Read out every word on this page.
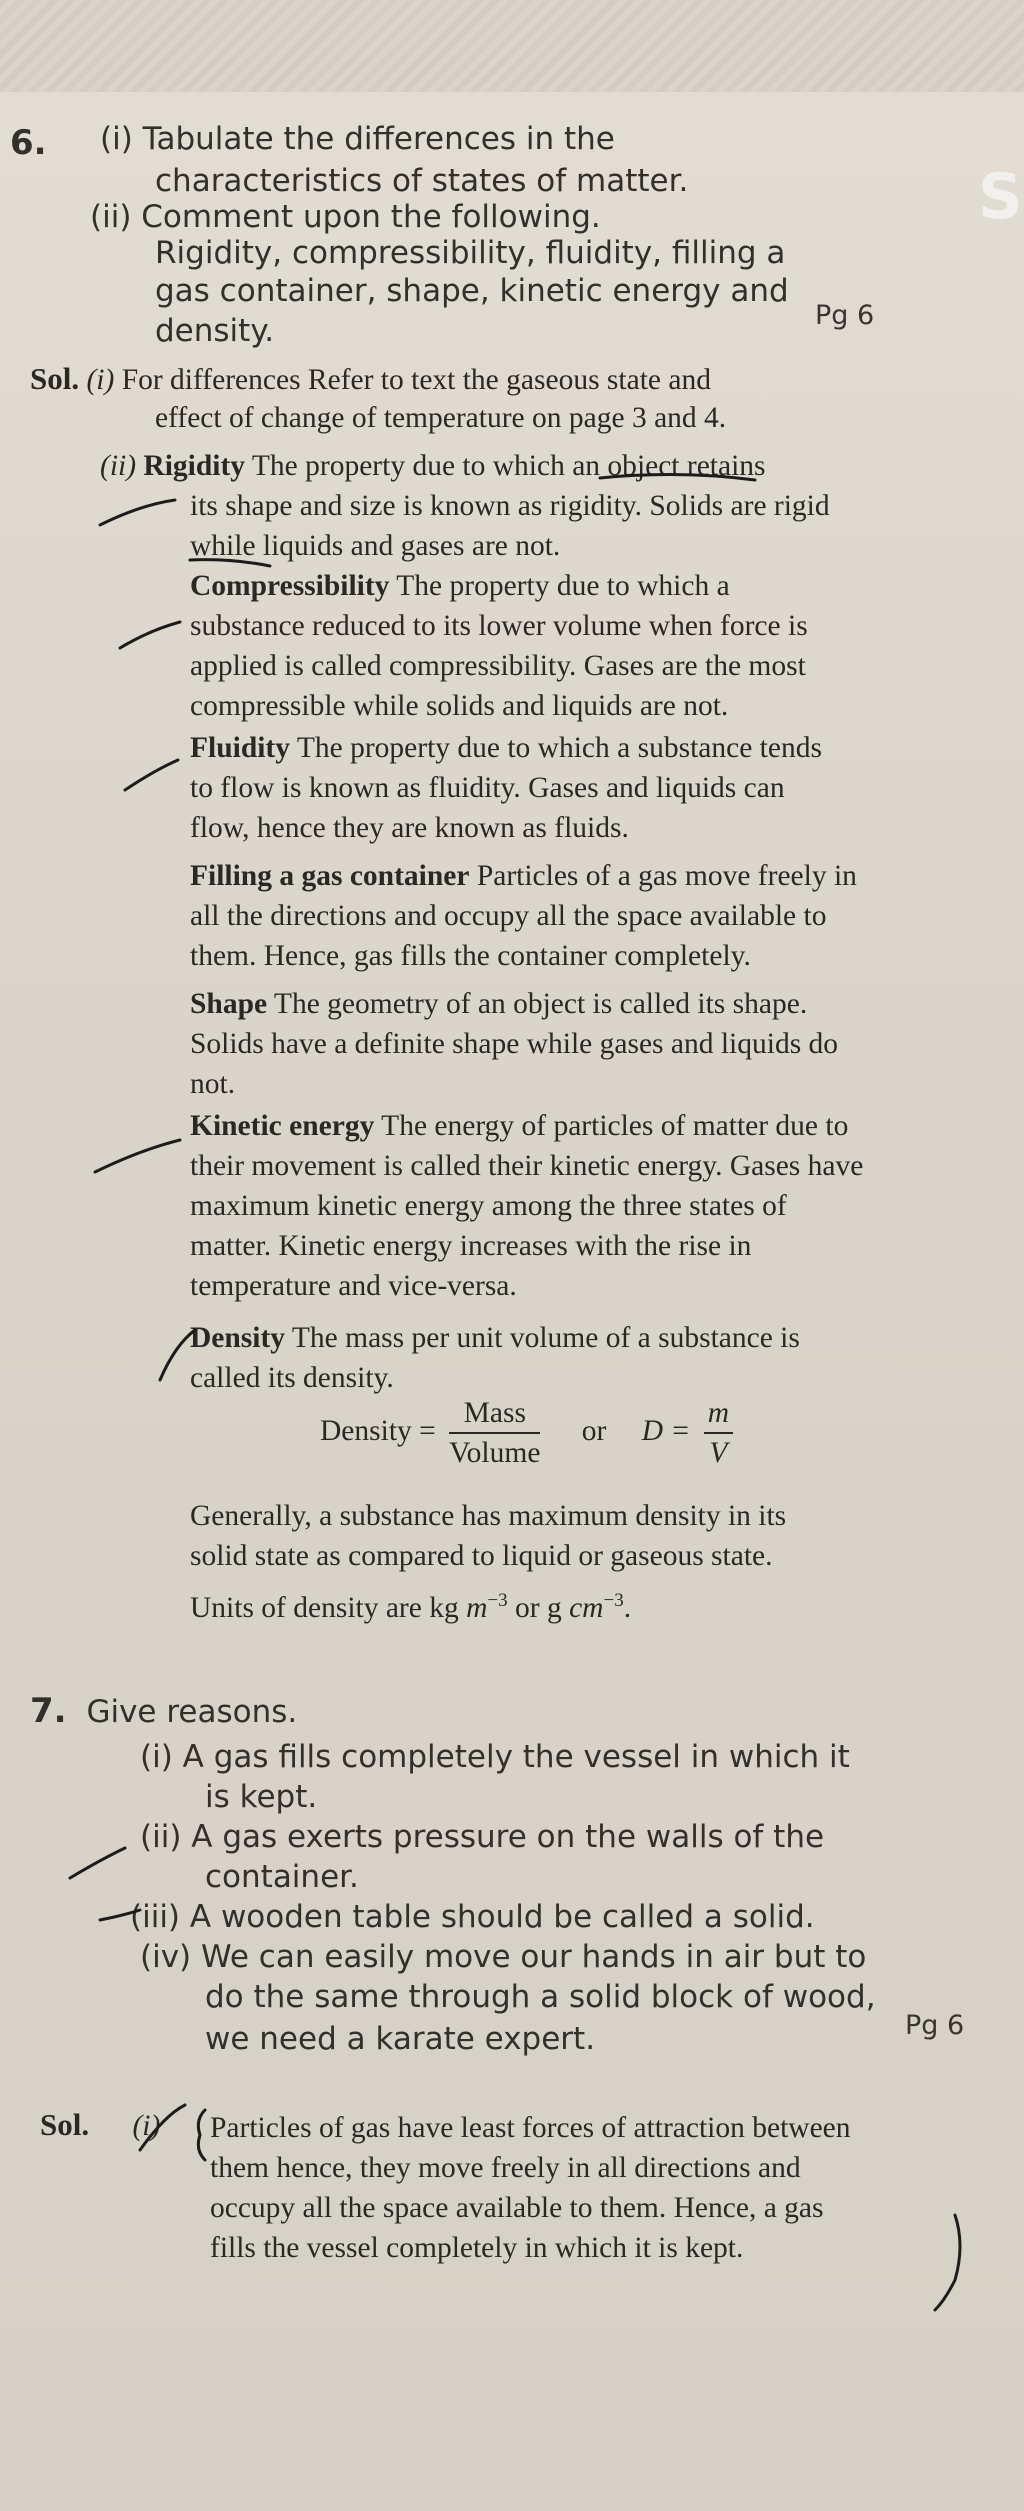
6. (i) Tabulate the differences in the
characteristics of states of matter.
(ii) Comment upon the following.
Rigidity, compressibility, fluidity, filling a
gas container, shape, kinetic energy and
density.	Pg 6
S
Sol. (i) For differences Refer to text the gaseous state and
effect of change of temperature on page 3 and 4.
(ii) Rigidity The property due to which an object retains
its shape and size is known as rigidity. Solids are rigid
while liquids and gases are not.
Compressibility The property due to which a
substance reduced to its lower volume when force is
applied is called compressibility. Gases are the most
compressible while solids and liquids are not.
Fluidity The property due to which a substance tends
to flow is known as fluidity. Gases and liquids can
flow, hence they are known as fluids.
Filling a gas container Particles of a gas move freely in
all the directions and occupy all the space available to
them. Hence, gas fills the container completely.
Shape The geometry of an object is called its shape.
Solids have a definite shape while gases and liquids do
not.
Kinetic energy The energy of particles of matter due to
their movement is called their kinetic energy. Gases have
maximum kinetic energy among the three states of
matter. Kinetic energy increases with the rise in
temperature and vice-versa.
Density The mass per unit volume of a substance is
called its density.
Density = $\frac{\text{Mass}}{\text{Volume}}$ or $D = \frac{m}{V}$
Generally, a substance has maximum density in its
solid state as compared to liquid or gaseous state.
Units of density are kg $m^{-3}$ or g $cm^{-3}$.
7. Give reasons.
(i) A gas fills completely the vessel in which it
is kept.
(ii) A gas exerts pressure on the walls of the
container.
(iii) A wooden table should be called a solid.
(iv) We can easily move our hands in air but to
do the same through a solid block of wood,
we need a karate expert.	Pg 6
Sol. (i) Particles of gas have least forces of attraction between
them hence, they move freely in all directions and
occupy all the space available to them. Hence, a gas
fills the vessel completely in which it is kept.
